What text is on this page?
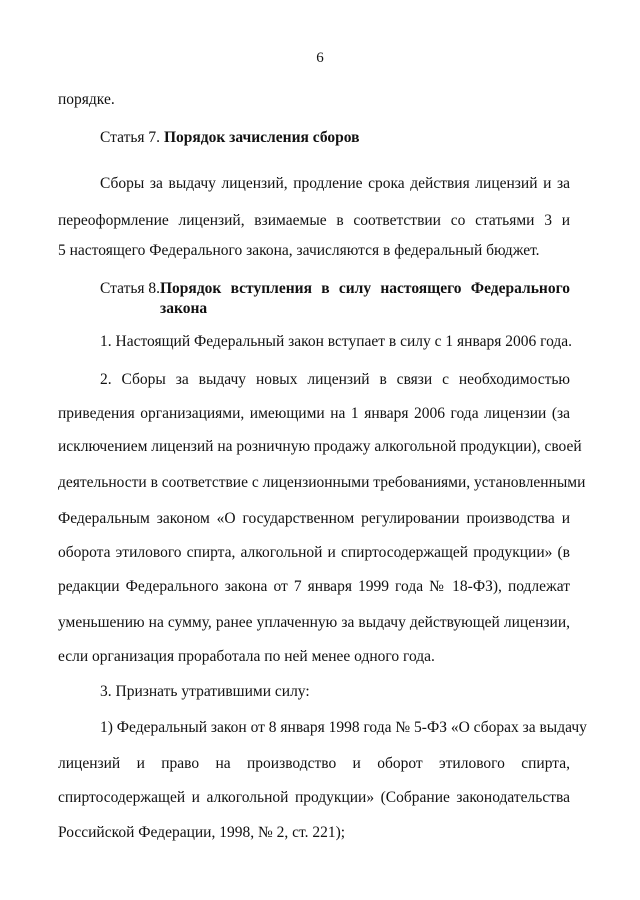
6
порядке.
Статья 7. Порядок зачисления сборов
Сборы за выдачу лицензий, продление срока действия лицензий и за
переоформление лицензий, взимаемые в соответствии со статьями 3 и
5 настоящего Федерального закона, зачисляются в федеральный бюджет.
Статья 8. Порядок вступления в силу настоящего Федерального
закона
1. Настоящий Федеральный закон вступает в силу с 1 января 2006 года.
2. Сборы за выдачу новых лицензий в связи с необходимостью
приведения организациями, имеющими на 1 января 2006 года лицензии (за
исключением лицензий на розничную продажу алкогольной продукции), своей
деятельности в соответствие с лицензионными требованиями, установленными
Федеральным законом «О государственном регулировании производства и
оборота этилового спирта, алкогольной и спиртосодержащей продукции» (в
редакции Федерального закона от 7 января 1999 года № 18-ФЗ), подлежат
уменьшению на сумму, ранее уплаченную за выдачу действующей лицензии,
если организация проработала по ней менее одного года.
3. Признать утратившими силу:
1) Федеральный закон от 8 января 1998 года № 5-ФЗ «О сборах за выдачу
лицензий и право на производство и оборот этилового спирта,
спиртосодержащей и алкогольной продукции» (Собрание законодательства
Российской Федерации, 1998, № 2, ст. 221);
